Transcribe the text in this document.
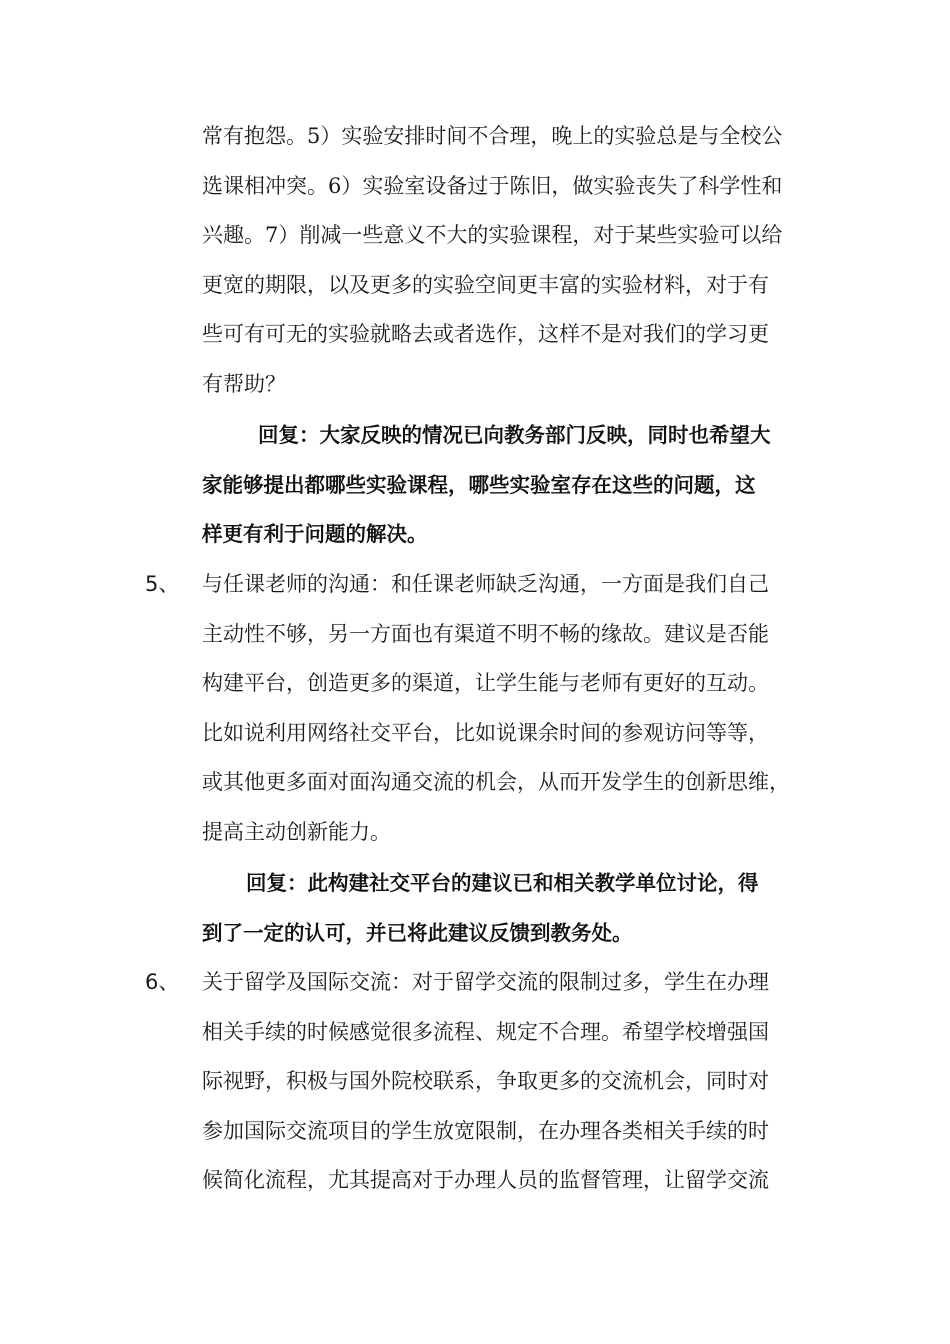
常有抱怨。5）实验安排时间不合理，晚上的实验总是与全校公
选课相冲突。6）实验室设备过于陈旧，做实验丧失了科学性和
兴趣。7）削减一些意义不大的实验课程，对于某些实验可以给
更宽的期限，以及更多的实验空间更丰富的实验材料，对于有
些可有可无的实验就略去或者选作，这样不是对我们的学习更
有帮助？
回复：大家反映的情况已向教务部门反映，同时也希望大
家能够提出都哪些实验课程，哪些实验室存在这些的问题，这
样更有利于问题的解决。
5、 与任课老师的沟通：和任课老师缺乏沟通，一方面是我们自己
主动性不够，另一方面也有渠道不明不畅的缘故。建议是否能
构建平台，创造更多的渠道，让学生能与老师有更好的互动。
比如说利用网络社交平台，比如说课余时间的参观访问等等，
或其他更多面对面沟通交流的机会，从而开发学生的创新思维，
提高主动创新能力。
回复：此构建社交平台的建议已和相关教学单位讨论，得
到了一定的认可，并已将此建议反馈到教务处。
6、 关于留学及国际交流：对于留学交流的限制过多，学生在办理
相关手续的时候感觉很多流程、规定不合理。希望学校增强国
际视野，积极与国外院校联系，争取更多的交流机会，同时对
参加国际交流项目的学生放宽限制，在办理各类相关手续的时
候简化流程，尤其提高对于办理人员的监督管理，让留学交流
